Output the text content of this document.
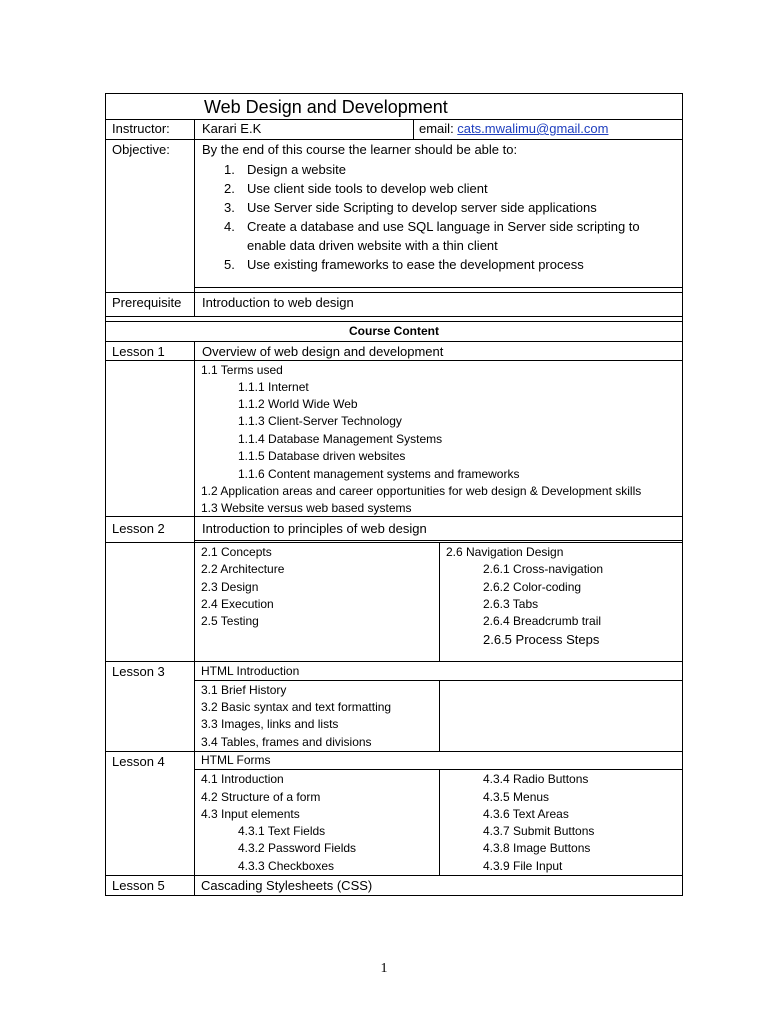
Web Design and Development
Instructor: Karari E.K	email: cats.mwalimu@gmail.com
Objective: By the end of this course the learner should be able to:
1. Design a website
2. Use client side tools to develop web client
3. Use Server side Scripting to develop server side applications
4. Create a database and use SQL language in Server side scripting to
enable data driven website with a thin client
5. Use existing frameworks to ease the development process
Prerequisite Introduction to web design
Course Content
Lesson 1	Overview of web design and development
1.1 Terms used
1.1.1 Internet
1.1.2 World Wide Web
1.1.3 Client-Server Technology
1.1.4 Database Management Systems
1.1.5 Database driven websites
1.1.6 Content management systems and frameworks
1.2 Application areas and career opportunities for web design & Development skills
1.3 Website versus web based systems
Lesson 2	Introduction to principles of web design
2.1 Concepts
2.2 Architecture
2.3 Design
2.4 Execution
2.5 Testing
2.6 Navigation Design
2.6.1 Cross-navigation
2.6.2 Color-coding
2.6.3 Tabs
2.6.4 Breadcrumb trail
2.6.5 Process Steps
Lesson 3	HTML Introduction
3.1 Brief History
3.2 Basic syntax and text formatting
3.3 Images, links and lists
3.4 Tables, frames and divisions
Lesson 4	HTML Forms
4.1 Introduction
4.2 Structure of a form
4.3 Input elements
4.3.1 Text Fields
4.3.2 Password Fields
4.3.3 Checkboxes
4.3.4 Radio Buttons
4.3.5 Menus
4.3.6 Text Areas
4.3.7 Submit Buttons
4.3.8 Image Buttons
4.3.9 File Input
Lesson 5	Cascading Stylesheets (CSS)
1
